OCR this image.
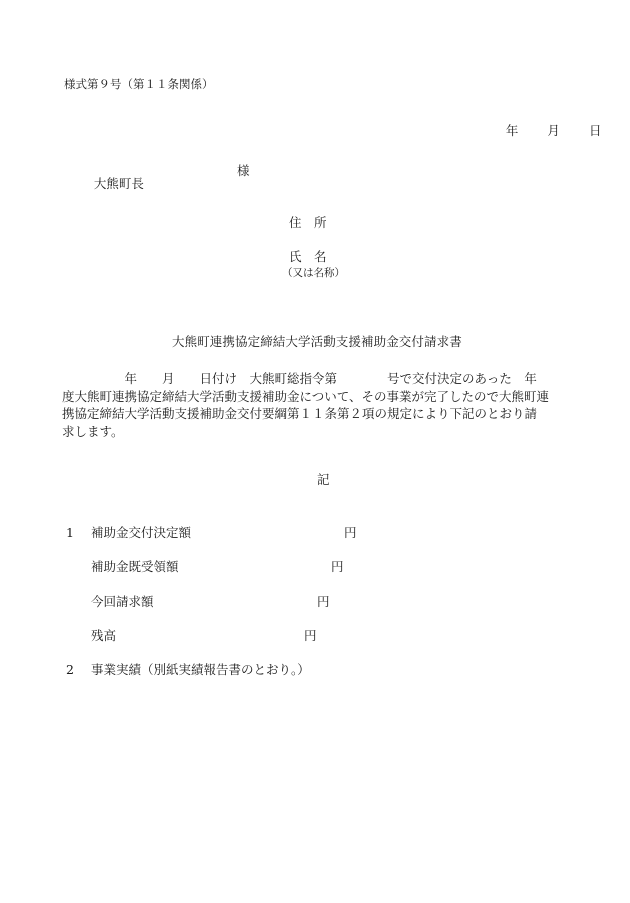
様式第９号（第１１条関係）

年 月 日

大熊町長

様

住　所
氏　名
（又は名称）
大熊町連携協定締結大学活動支援補助金交付請求書
　　　　　年　　月　　日付け　大熊町総指令第　　　　号で交付決定のあった　年
度大熊町連携協定締結大学活動支援補助金について、その事業が完了したので大熊町連
携協定締結大学活動支援補助金交付要綱第１１条第２項の規定により下記のとおり請
求します。
記

1

補助金交付決定額

	円

補助金既受領額

	円

今回請求額

	円

残高

	円

2

事業実績（別紙実績報告書のとおり。）
